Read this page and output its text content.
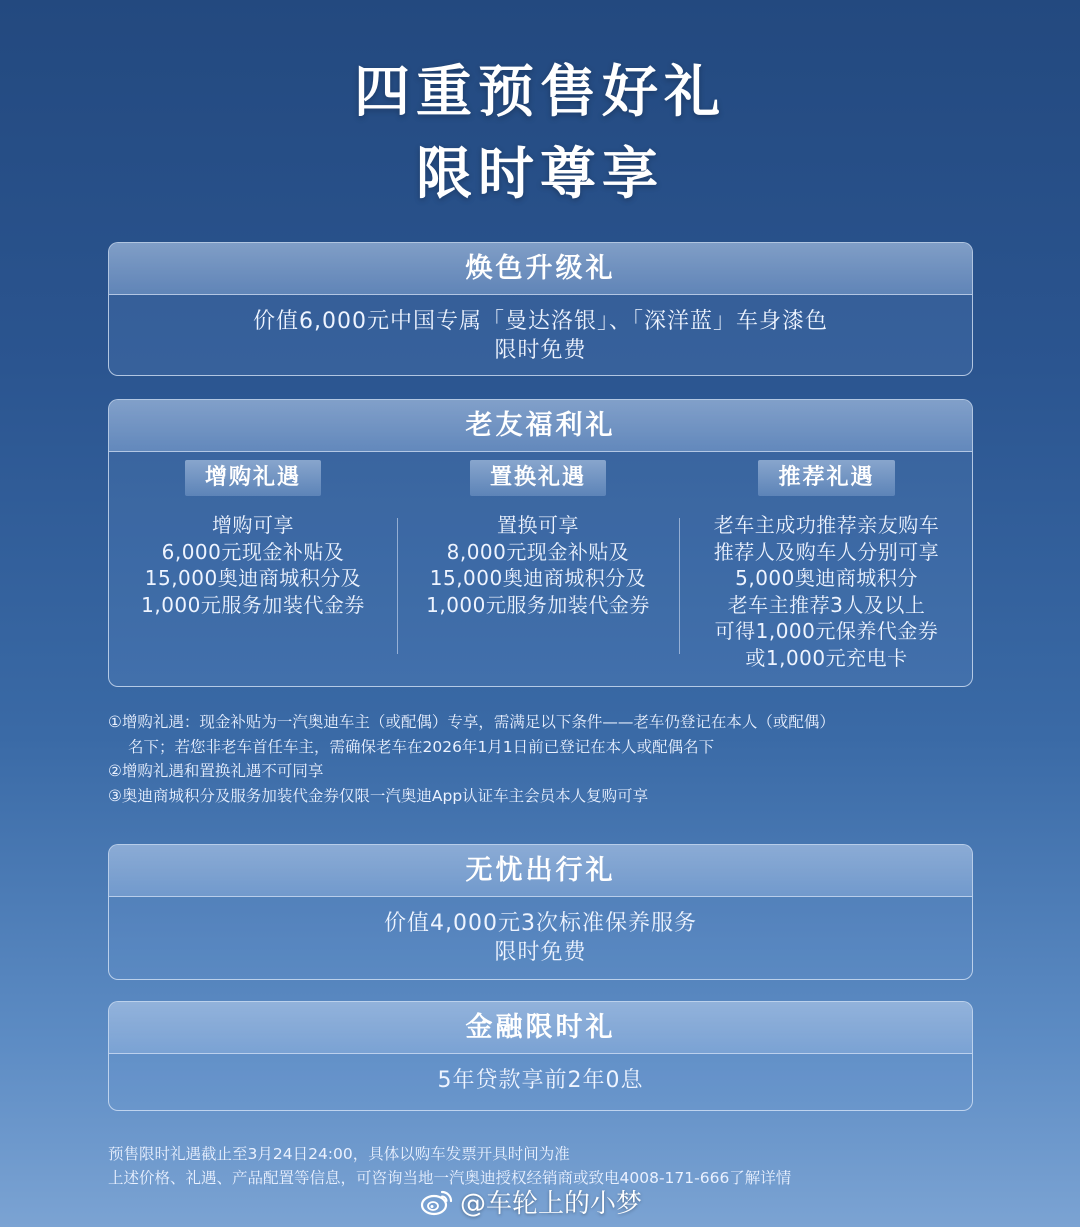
四重预售好礼
限时尊享
焕色升级礼
价值6,000元中国专属「曼达洛银」、「深洋蓝」车身漆色
限时免费
老友福利礼
增购礼遇
增购可享
6,000元现金补贴及
15,000奥迪商城积分及
1,000元服务加装代金券
置换礼遇
置换可享
8,000元现金补贴及
15,000奥迪商城积分及
1,000元服务加装代金券
推荐礼遇
老车主成功推荐亲友购车
推荐人及购车人分别可享
5,000奥迪商城积分
老车主推荐3人及以上
可得1,000元保养代金券
或1,000元充电卡
①增购礼遇：现金补贴为一汽奥迪车主（或配偶）专享，需满足以下条件——老车仍登记在本人（或配偶）
名下；若您非老车首任车主，需确保老车在2026年1月1日前已登记在本人或配偶名下
②增购礼遇和置换礼遇不可同享
③奥迪商城积分及服务加装代金券仅限一汽奥迪App认证车主会员本人复购可享
无忧出行礼
价值4,000元3次标准保养服务
限时免费
金融限时礼
5年贷款享前2年0息
预售限时礼遇截止至3月24日24:00，具体以购车发票开具时间为准
上述价格、礼遇、产品配置等信息，可咨询当地一汽奥迪授权经销商或致电4008-171-666了解详情
@车轮上的小梦
